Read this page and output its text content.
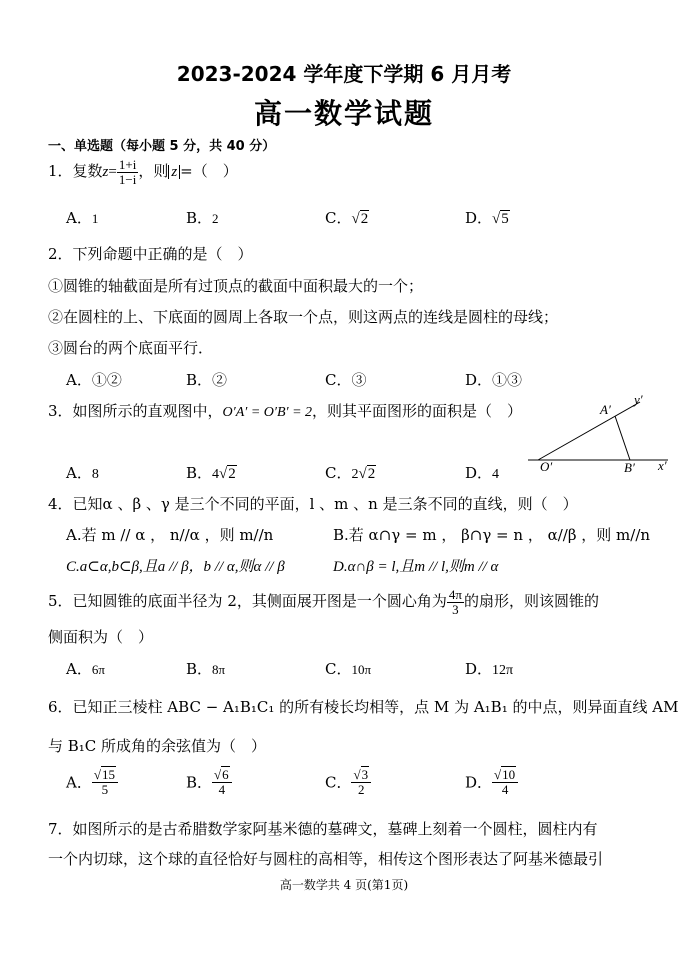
2023-2024 学年度下学期 6 月月考
高一数学试题
一、单选题（每小题 5 分，共 40 分）
1．复数$z= \frac{1+i}{1-i}$ ，则 z =（　）
A．1	B．2	C．√2	D．√5
2．下列命题中正确的是（　）
①圆锥的轴截面是所有过顶点的截面中面积最大的一个；
②在圆柱的上、下底面的圆周上各取一个点，则这两点的连线是圆柱的母线；
③圆台的两个底面平行．
A．①②	B．②	C．③	D．①③
3．如图所示的直观图中，O′A′ = O′B′ = 2，则其平面图形的面积是（　）
A．8	B．4√2	C．2√2	D．4
O′	B′
A′
y′
x′
4．已知α 、β 、γ 是三个不同的平面，l 、m 、n 是三条不同的直线，则（　）
A.若 m // α ， n//α ，则 m//n	B.若 α∩γ = m ， β∩γ = n ， α//β ，则 m//n
C.a⊂α,b⊂β,且a // β，b // α,则α // β	D.α∩β = l,且m // l,则m // α
5．已知圆锥的底面半径为 2，其侧面展开图是一个圆心角为 $\frac{4\pi}{3}$ 的扇形，则该圆锥的
侧面积为（　）
A．6π	B．8π	C．10π	D．12π
6．已知正三棱柱 ABC − A₁B₁C₁ 的所有棱长均相等，点 M 为 A₁B₁ 的中点，则异面直线 AM
与 B₁C 所成角的余弦值为（　）
A． $\frac{√15}{5}$	B． $\frac{√6}{4}$	C． $\frac{√3}{2}$	D． $\frac{√10}{4}$
7．如图所示的是古希腊数学家阿基米德的墓碑文，墓碑上刻着一个圆柱，圆柱内有
一个内切球，这个球的直径恰好与圆柱的高相等，相传这个图形表达了阿基米德最引
高一数学共 4 页(第1页)
